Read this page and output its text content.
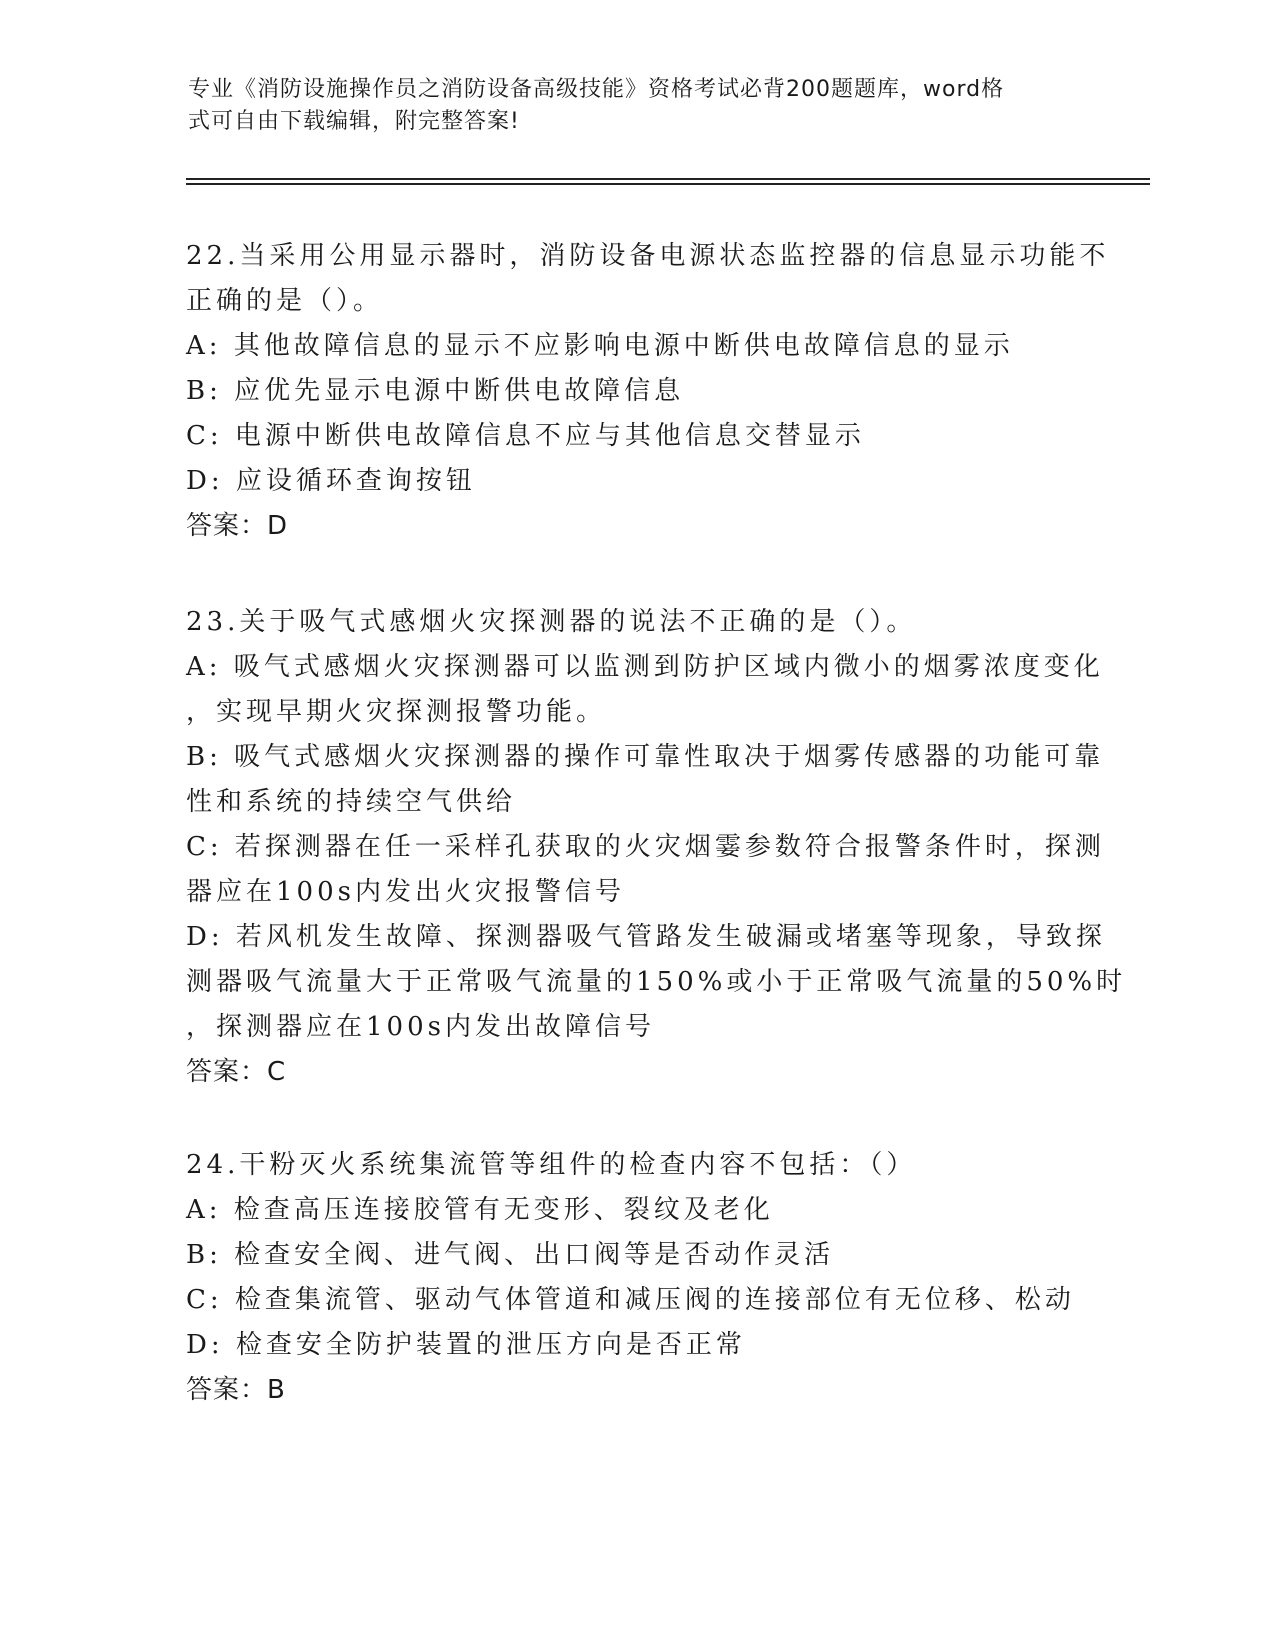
专业《消防设施操作员之消防设备高级技能》资格考试必背200题题库，word格
式可自由下载编辑，附完整答案!
22.当采用公用显示器时，消防设备电源状态监控器的信息显示功能不
正确的是（）。
A: 其他故障信息的显示不应影响电源中断供电故障信息的显示
B: 应优先显示电源中断供电故障信息
C: 电源中断供电故障信息不应与其他信息交替显示
D: 应设循环查询按钮
答案：D
23.关于吸气式感烟火灾探测器的说法不正确的是（）。
A: 吸气式感烟火灾探测器可以监测到防护区域内微小的烟雾浓度变化
，实现早期火灾探测报警功能。
B: 吸气式感烟火灾探测器的操作可靠性取决于烟雾传感器的功能可靠
性和系统的持续空气供给
C: 若探测器在任一采样孔获取的火灾烟霎参数符合报警条件时，探测
器应在100s内发出火灾报警信号
D: 若风机发生故障、探测器吸气管路发生破漏或堵塞等现象，导致探
测器吸气流量大于正常吸气流量的150%或小于正常吸气流量的50%时
，探测器应在100s内发出故障信号
答案：C
24.干粉灭火系统集流管等组件的检查内容不包括：（）
A: 检查高压连接胶管有无变形、裂纹及老化
B: 检查安全阀、进气阀、出口阀等是否动作灵活
C: 检查集流管、驱动气体管道和减压阀的连接部位有无位移、松动
D: 检查安全防护装置的泄压方向是否正常
答案：B
